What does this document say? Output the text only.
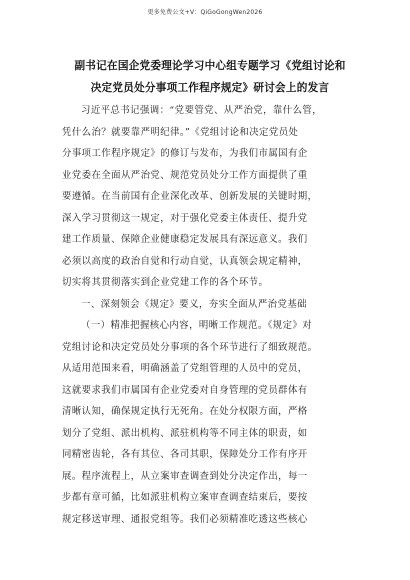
更多免费公文+V：QiGoGongWen2026
副书记在国企党委理论学习中心组专题学习《党组讨论和
决定党员处分事项工作程序规定》研讨会上的发言
习近平总书记强调：“党要管党、从严治党，靠什么管，
凭什么治？就要靠严明纪律。”《党组讨论和决定党员处
分事项工作程序规定》的修订与发布，为我们市属国有企
业党委在全面从严治党、规范党员处分工作方面提供了重
要遵循。在当前国有企业深化改革、创新发展的关键时期，
深入学习贯彻这一规定，对于强化党委主体责任、提升党
建工作质量、保障企业健康稳定发展具有深远意义。我们
必须以高度的政治自觉和行动自觉，认真领会规定精神，
切实将其贯彻落实到企业党建工作的各个环节。
一、深刻领会《规定》要义，夯实全面从严治党基础
（一）精准把握核心内容，明晰工作规范。《规定》对
党组讨论和决定党员处分事项的各个环节进行了细致规范。
从适用范围来看，明确涵盖了党组管理的人员中的党员，
这就要求我们市属国有企业党委对自身管理的党员群体有
清晰认知，确保规定执行无死角。在处分权限方面，严格
划分了党组、派出机构、派驻机构等不同主体的职责，如
同精密齿轮，各有其位、各司其职，保障处分工作有序开
展。程序流程上，从立案审查调查到处分决定作出，每一
步都有章可循，比如派驻机构立案审查调查结束后，要按
规定移送审理、通报党组等。我们必须精准吃透这些核心
